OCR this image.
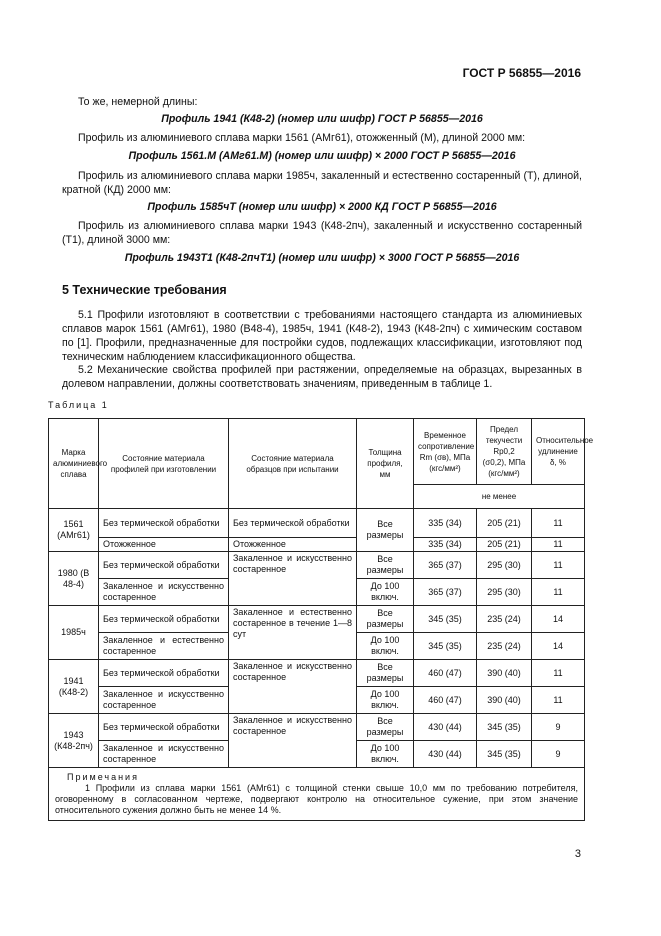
ГОСТ Р 56855—2016
То же, немерной длины:
Профиль 1941 (К48-2) (номер или шифр) ГОСТ Р 56855—2016
Профиль из алюминиевого сплава марки 1561 (АМг61), отожженный (М), длиной 2000 мм:
Профиль 1561.М (АМг61.М) (номер или шифр) × 2000 ГОСТ Р 56855—2016
Профиль из алюминиевого сплава марки 1985ч, закаленный и естественно состаренный (Т), длиной, кратной (КД) 2000 мм:
Профиль 1585чТ (номер или шифр) × 2000 КД ГОСТ Р 56855—2016
Профиль из алюминиевого сплава марки 1943 (К48-2пч), закаленный и искусственно состаренный (Т1), длиной 3000 мм:
Профиль 1943Т1 (К48-2пчТ1) (номер или шифр) × 3000 ГОСТ Р 56855—2016
5 Технические требования
5.1 Профили изготовляют в соответствии с требованиями настоящего стандарта из алюминиевых сплавов марок 1561 (АМг61), 1980 (В48-4), 1985ч, 1941 (К48-2), 1943 (К48-2пч) с химическим составом по [1]. Профили, предназначенные для постройки судов, подлежащих классификации, изготовляют под техническим наблюдением классификационного общества.
5.2 Механические свойства профилей при растяжении, определяемые на образцах, вырезанных в долевом направлении, должны соответствовать значениям, приведенным в таблице 1.
Таблица 1
Марка алюминиевого сплава	Состояние материала профилей при изготовлении	Состояние материала образцов при испытании	Толщина профиля, мм	Временное сопротивление Rm (σв), МПа (кгс/мм²)	Предел текучести Rp0,2 (σ0,2), МПа (кгс/мм²)	Относительное удлинение δ, %
				не менее		
1561 (АМг61)	Без термической обработки	Без термической обработки	Все размеры	335 (34)	205 (21)	11
	Отожженное	Отожженное		335 (34)	205 (21)	11
1980 (В 48-4)	Без термической обработки	Закаленное и искусственно состаренное	Все размеры	365 (37)	295 (30)	11
	Закаленное и искусственно состаренное		До 100 включ.	365 (37)	295 (30)	11
1985ч	Без термической обработки	Закаленное и естественно состаренное в течение 1—8 сут	Все размеры	345 (35)	235 (24)	14
	Закаленное и естественно состаренное		До 100 включ.	345 (35)	235 (24)	14
1941 (К48-2)	Без термической обработки	Закаленное и искусственно состаренное	Все размеры	460 (47)	390 (40)	11
	Закаленное и искусственно состаренное		До 100 включ.	460 (47)	390 (40)	11
1943 (К48-2пч)	Без термической обработки	Закаленное и искусственно состаренное	Все размеры	430 (44)	345 (35)	9
	Закаленное и искусственно состаренное		До 100 включ.	430 (44)	345 (35)	9

Примечания
1 Профили из сплава марки 1561 (АМг61) с толщиной стенки свыше 10,0 мм по требованию потребителя, оговоренному в согласованном чертеже, подвергают контролю на относительное сужение, при этом значение относительного сужения должно быть не менее 14 %.						
3
